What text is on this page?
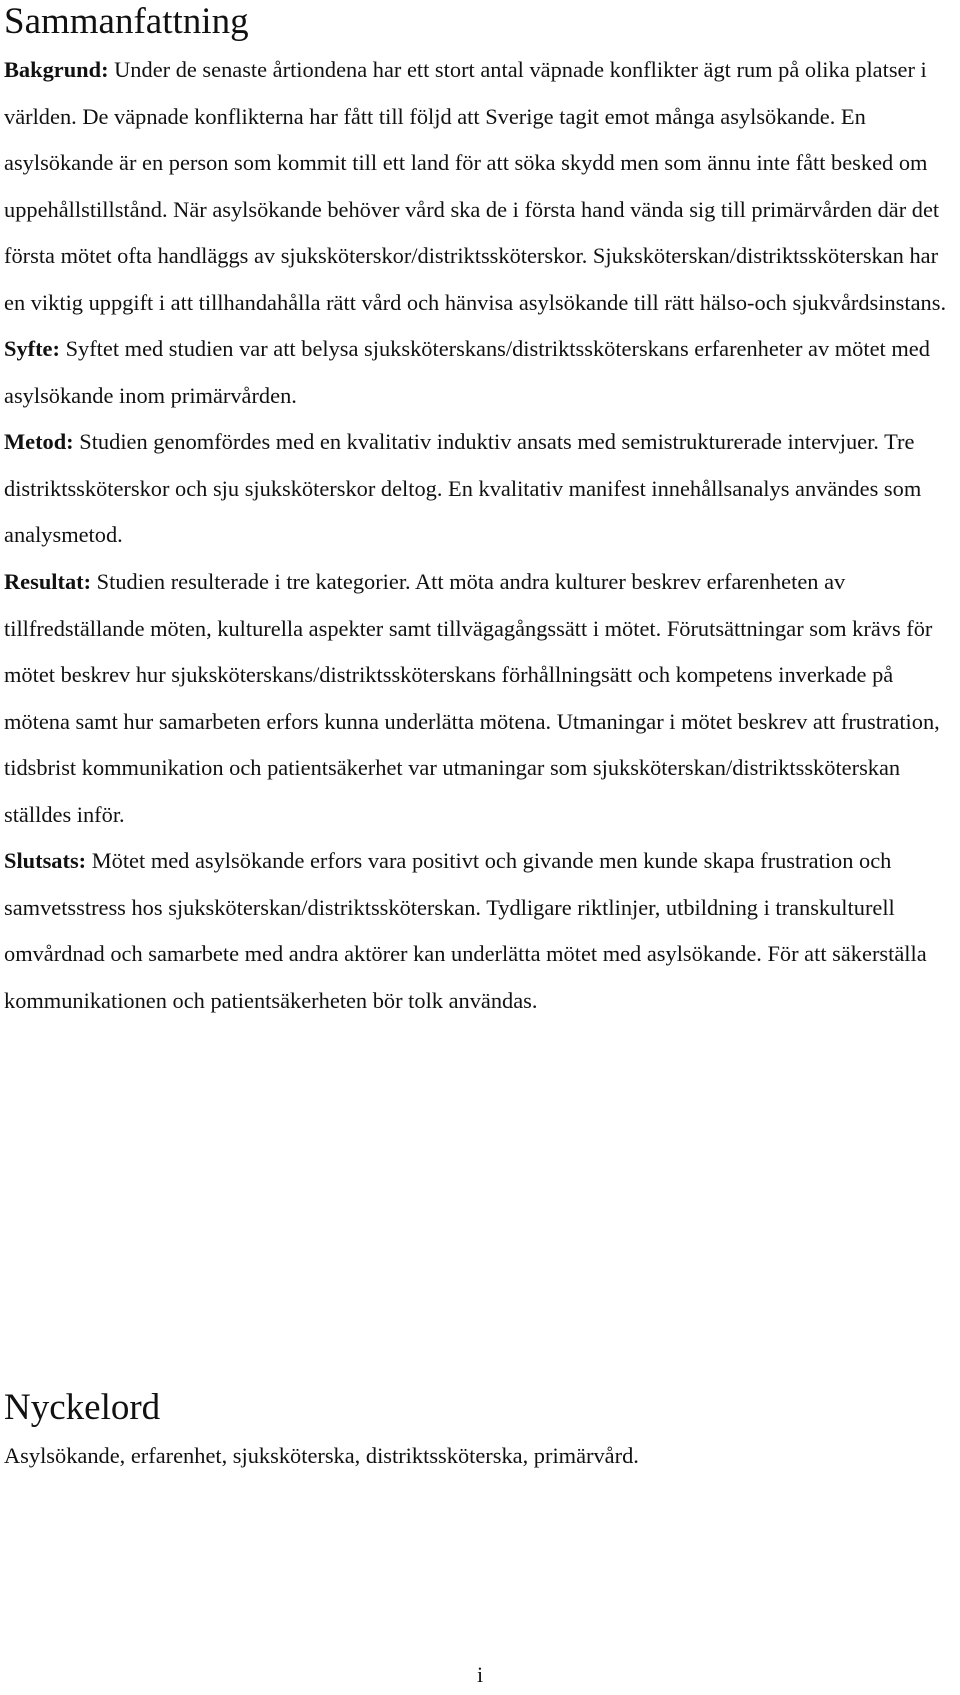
Sammanfattning

Bakgrund: Under de senaste årtiondena har ett stort antal väpnade konflikter ägt rum på olika platser i världen. De väpnade konflikterna har fått till följd att Sverige tagit emot många asylsökande. En asylsökande är en person som kommit till ett land för att söka skydd men som ännu inte fått besked om uppehållstillstånd. När asylsökande behöver vård ska de i första hand vända sig till primärvården där det första mötet ofta handläggs av sjuksköterskor/distriktssköterskor. Sjuksköterskan/distriktssköterskan har en viktig uppgift i att tillhandahålla rätt vård och hänvisa asylsökande till rätt hälso-och sjukvårdsinstans.

Syfte: Syftet med studien var att belysa sjuksköterskans/distriktssköterskans erfarenheter av mötet med asylsökande inom primärvården.

Metod: Studien genomfördes med en kvalitativ induktiv ansats med semistrukturerade intervjuer. Tre distriktssköterskor och sju sjuksköterskor deltog. En kvalitativ manifest innehållsanalys användes som analysmetod.

Resultat: Studien resulterade i tre kategorier. Att möta andra kulturer beskrev erfarenheten av tillfredställande möten, kulturella aspekter samt tillvägagångssätt i mötet. Förutsättningar som krävs för mötet beskrev hur sjuksköterskans/distriktssköterskans förhållningsätt och kompetens inverkade på mötena samt hur samarbeten erfors kunna underlätta mötena. Utmaningar i mötet beskrev att frustration, tidsbrist kommunikation och patientsäkerhet var utmaningar som sjuksköterskan/distriktssköterskan ställdes inför.

Slutsats: Mötet med asylsökande erfors vara positivt och givande men kunde skapa frustration och samvetsstress hos sjuksköterskan/distriktssköterskan. Tydligare riktlinjer, utbildning i transkulturell omvårdnad och samarbete med andra aktörer kan underlätta mötet med asylsökande. För att säkerställa kommunikationen och patientsäkerheten bör tolk användas.

Nyckelord

Asylsökande, erfarenhet, sjuksköterska, distriktssköterska, primärvård.

i
